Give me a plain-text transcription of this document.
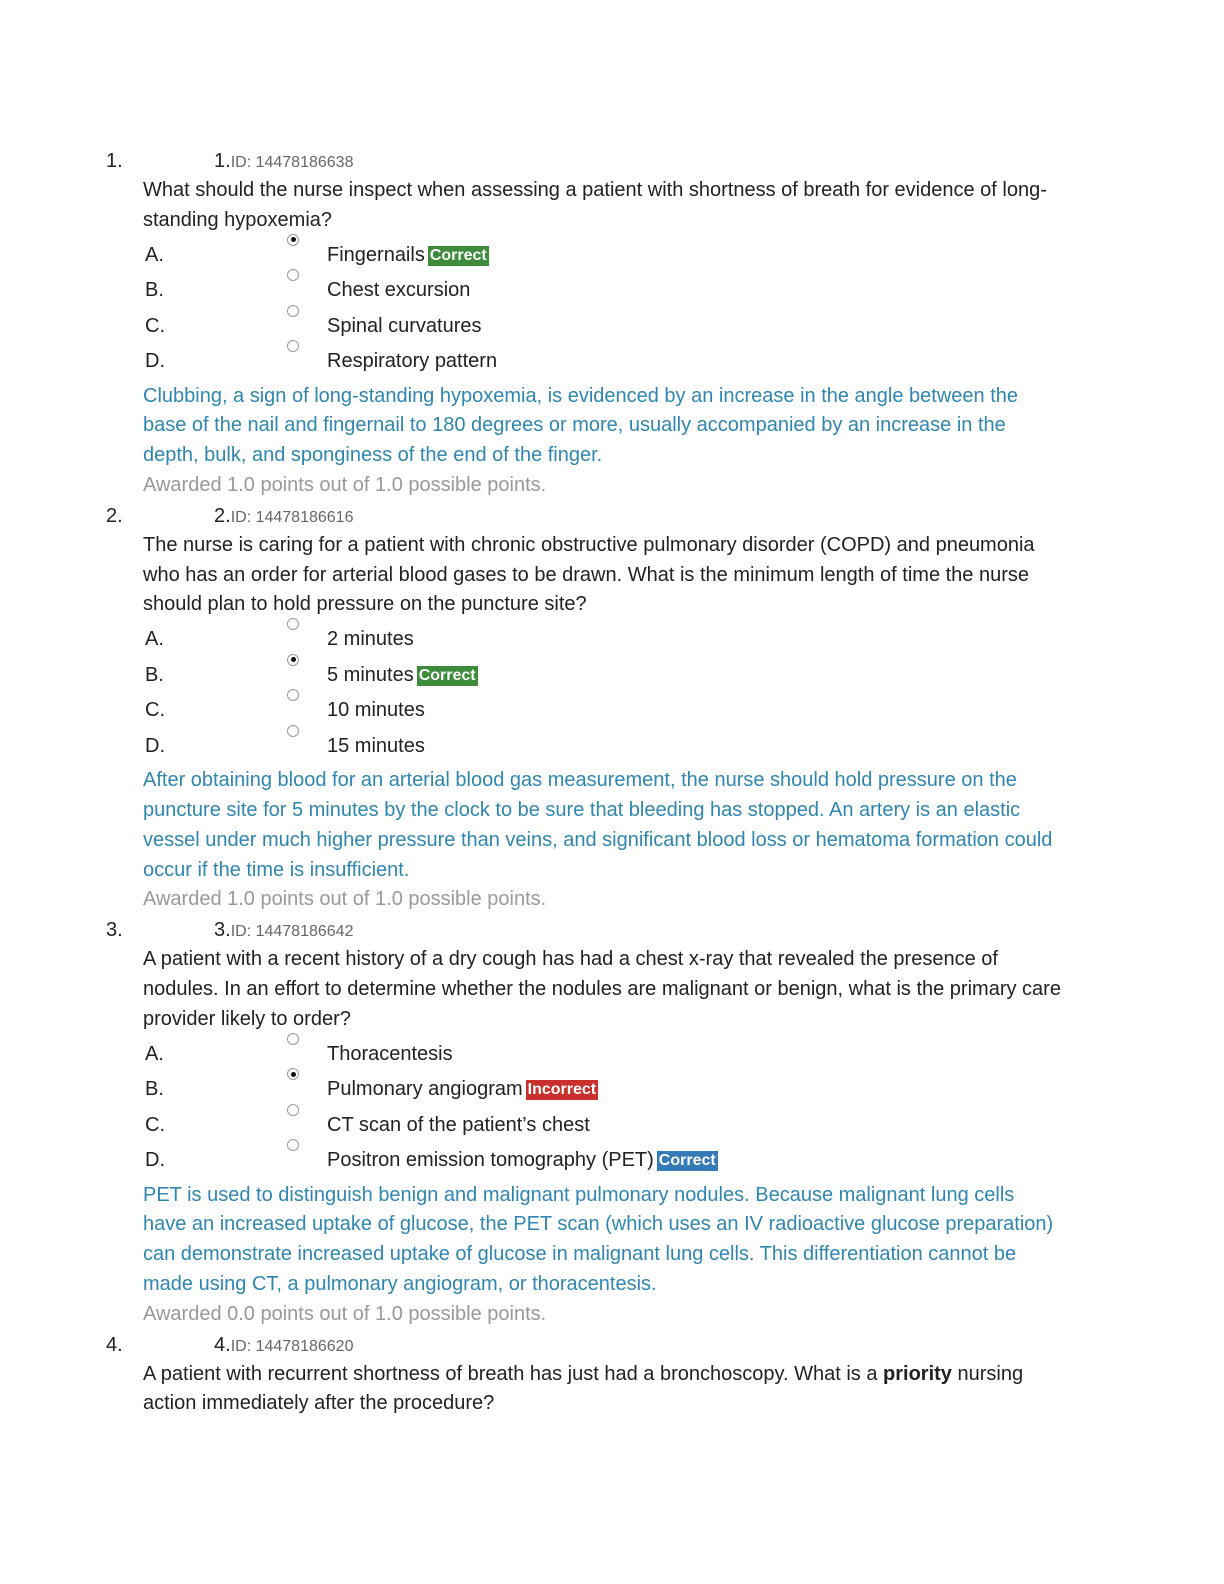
1.	1.ID: 14478186638
What should the nurse inspect when assessing a patient with shortness of breath for evidence of long-standing hypoxemia?
A.	Fingernails Correct
B.	Chest excursion
C.	Spinal curvatures
D.	Respiratory pattern
Clubbing, a sign of long-standing hypoxemia, is evidenced by an increase in the angle between the base of the nail and fingernail to 180 degrees or more, usually accompanied by an increase in the depth, bulk, and sponginess of the end of the finger.
Awarded 1.0 points out of 1.0 possible points.
2.	2.ID: 14478186616
The nurse is caring for a patient with chronic obstructive pulmonary disorder (COPD) and pneumonia who has an order for arterial blood gases to be drawn. What is the minimum length of time the nurse should plan to hold pressure on the puncture site?
A.	2 minutes
B.	5 minutes Correct
C.	10 minutes
D.	15 minutes
After obtaining blood for an arterial blood gas measurement, the nurse should hold pressure on the puncture site for 5 minutes by the clock to be sure that bleeding has stopped. An artery is an elastic vessel under much higher pressure than veins, and significant blood loss or hematoma formation could occur if the time is insufficient.
Awarded 1.0 points out of 1.0 possible points.
3.	3.ID: 14478186642
A patient with a recent history of a dry cough has had a chest x-ray that revealed the presence of nodules. In an effort to determine whether the nodules are malignant or benign, what is the primary care provider likely to order?
A.	Thoracentesis
B.	Pulmonary angiogram Incorrect
C.	CT scan of the patient’s chest
D.	Positron emission tomography (PET) Correct
PET is used to distinguish benign and malignant pulmonary nodules. Because malignant lung cells have an increased uptake of glucose, the PET scan (which uses an IV radioactive glucose preparation) can demonstrate increased uptake of glucose in malignant lung cells. This differentiation cannot be made using CT, a pulmonary angiogram, or thoracentesis.
Awarded 0.0 points out of 1.0 possible points.
4.	4.ID: 14478186620
A patient with recurrent shortness of breath has just had a bronchoscopy. What is a priority nursing action immediately after the procedure?
